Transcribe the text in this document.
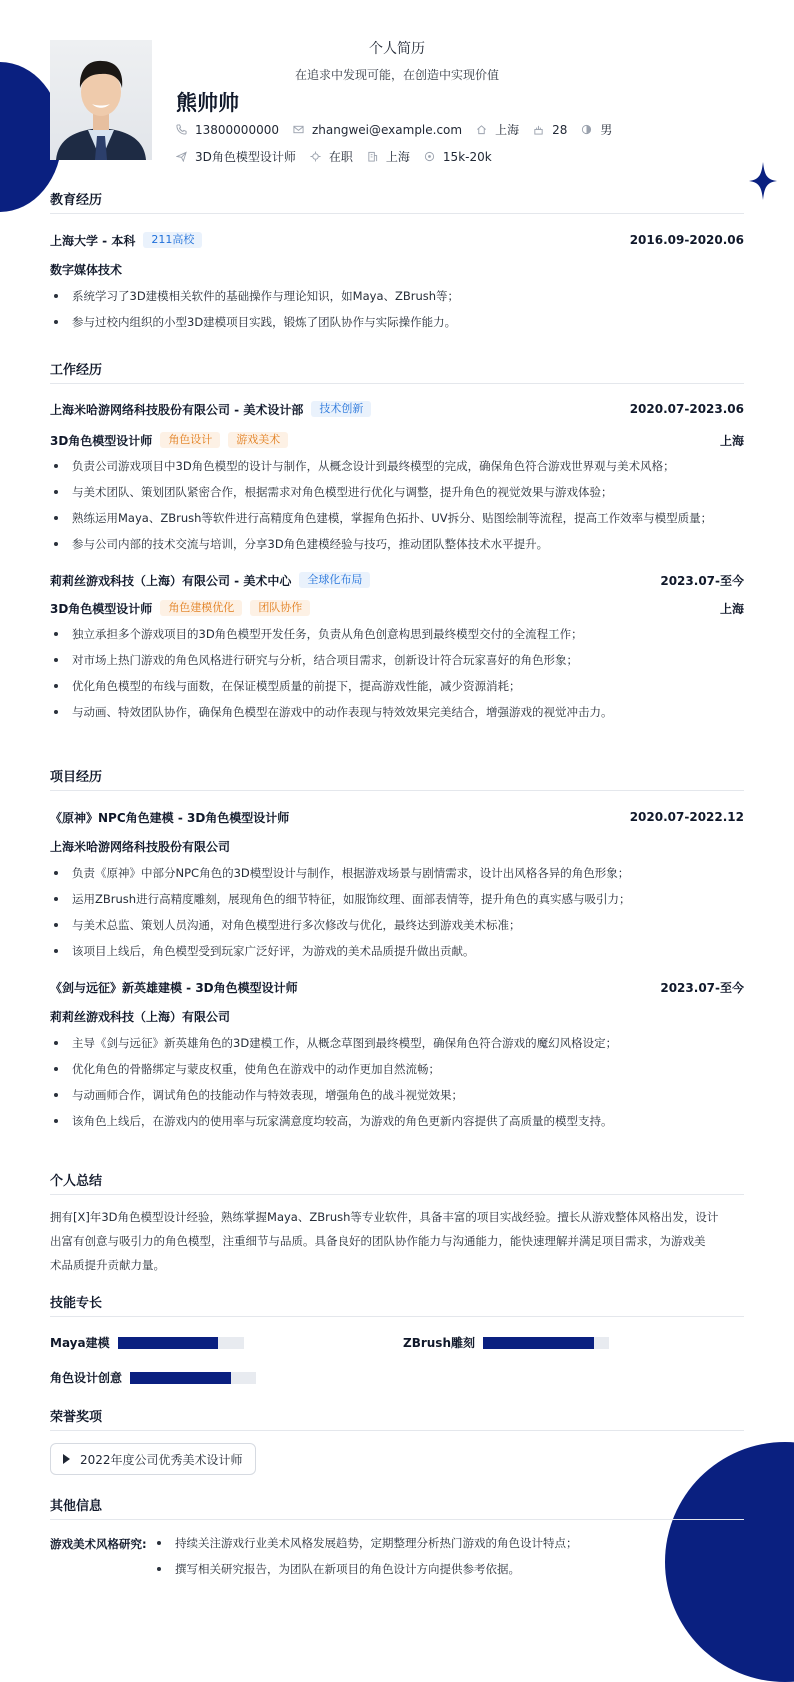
个人简历
在追求中发现可能，在创造中实现价值
熊帅帅
13800000000	zhangwei@example.com	上海	28	男
3D角色模型设计师	在职	上海	15k-20k
教育经历
上海大学 - 本科	211高校	2016.09-2020.06
数字媒体技术
系统学习了3D建模相关软件的基础操作与理论知识，如Maya、ZBrush等；
参与过校内组织的小型3D建模项目实践，锻炼了团队协作与实际操作能力。
工作经历
上海米哈游网络科技股份有限公司 - 美术设计部	技术创新	2020.07-2023.06
3D角色模型设计师	角色设计	游戏美术	上海
负责公司游戏项目中3D角色模型的设计与制作，从概念设计到最终模型的完成，确保角色符合游戏世界观与美术风格；
与美术团队、策划团队紧密合作，根据需求对角色模型进行优化与调整，提升角色的视觉效果与游戏体验；
熟练运用Maya、ZBrush等软件进行高精度角色建模，掌握角色拓扑、UV拆分、贴图绘制等流程，提高工作效率与模型质量；
参与公司内部的技术交流与培训，分享3D角色建模经验与技巧，推动团队整体技术水平提升。
莉莉丝游戏科技（上海）有限公司 - 美术中心	全球化布局	2023.07-至今
3D角色模型设计师	角色建模优化	团队协作	上海
独立承担多个游戏项目的3D角色模型开发任务，负责从角色创意构思到最终模型交付的全流程工作；
对市场上热门游戏的角色风格进行研究与分析，结合项目需求，创新设计符合玩家喜好的角色形象；
优化角色模型的布线与面数，在保证模型质量的前提下，提高游戏性能，减少资源消耗；
与动画、特效团队协作，确保角色模型在游戏中的动作表现与特效效果完美结合，增强游戏的视觉冲击力。
项目经历
《原神》NPC角色建模 - 3D角色模型设计师	2020.07-2022.12
上海米哈游网络科技股份有限公司
负责《原神》中部分NPC角色的3D模型设计与制作，根据游戏场景与剧情需求，设计出风格各异的角色形象；
运用ZBrush进行高精度雕刻，展现角色的细节特征，如服饰纹理、面部表情等，提升角色的真实感与吸引力；
与美术总监、策划人员沟通，对角色模型进行多次修改与优化，最终达到游戏美术标准；
该项目上线后，角色模型受到玩家广泛好评，为游戏的美术品质提升做出贡献。
《剑与远征》新英雄建模 - 3D角色模型设计师	2023.07-至今
莉莉丝游戏科技（上海）有限公司
主导《剑与远征》新英雄角色的3D建模工作，从概念草图到最终模型，确保角色符合游戏的魔幻风格设定；
优化角色的骨骼绑定与蒙皮权重，使角色在游戏中的动作更加自然流畅；
与动画师合作，调试角色的技能动作与特效表现，增强角色的战斗视觉效果；
该角色上线后，在游戏内的使用率与玩家满意度均较高，为游戏的角色更新内容提供了高质量的模型支持。
个人总结
拥有[X]年3D角色模型设计经验，熟练掌握Maya、ZBrush等专业软件，具备丰富的项目实战经验。擅长从游戏整体风格出发，设计
出富有创意与吸引力的角色模型，注重细节与品质。具备良好的团队协作能力与沟通能力，能快速理解并满足项目需求，为游戏美
术品质提升贡献力量。
技能专长
Maya建模	ZBrush雕刻
角色设计创意
荣誉奖项
2022年度公司优秀美术设计师
其他信息
游戏美术风格研究:	持续关注游戏行业美术风格发展趋势，定期整理分析热门游戏的角色设计特点；
撰写相关研究报告，为团队在新项目的角色设计方向提供参考依据。
